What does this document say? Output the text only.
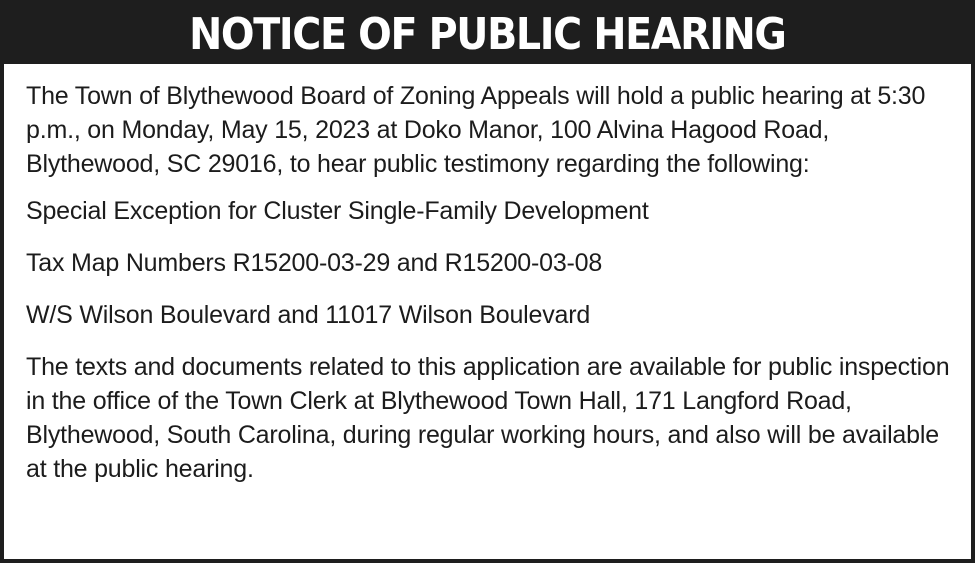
NOTICE OF PUBLIC HEARING

The Town of Blythewood Board of Zoning Appeals will hold a public hearing at 5:30 p.m., on Monday, May 15, 2023 at Doko Manor, 100 Alvina Hagood Road, Blythewood, SC 29016, to hear public testimony regarding the following:

Special Exception for Cluster Single-Family Development

Tax Map Numbers R15200-03-29 and R15200-03-08

W/S Wilson Boulevard and 11017 Wilson Boulevard

The texts and documents related to this application are available for public inspection in the office of the Town Clerk at Blythewood Town Hall, 171 Langford Road, Blythewood, South Carolina, during regular working hours, and also will be available at the public hearing.
